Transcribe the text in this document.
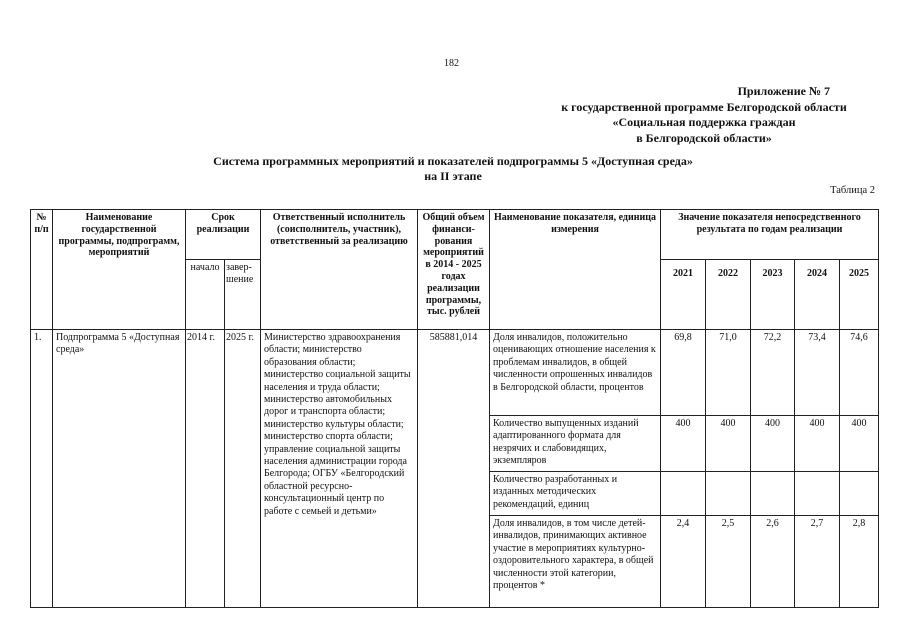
182
Приложение № 7
к государственной программе Белгородской области
«Социальная поддержка граждан
в Белгородской области»
Система программных мероприятий и показателей подпрограммы 5 «Доступная среда»
на II этапе
Таблица 2
№ п/п	Наименование государственной программы, подпрограмм, мероприятий	Срок реализации		Ответственный исполнитель (соисполнитель, участник), ответственный за реализацию	Общий объем финанси-рования мероприятий в 2014 - 2025 годах реализации программы, тыс. рублей	Наименование показателя, единица измерения	Значение показателя непосредственного результата по годам реализации				
		начало	завер-шение				2021	2022	2023	2024	2025
1.	Подпрограмма 5 «Доступная среда»	2014 г.	2025 г.	Министерство здравоохранения области; министерство образования области; министерство социальной защиты населения и труда области; министерство автомобильных дорог и транспорта области; министерство культуры области; министерство спорта области; управление социальной защиты населения администрации города Белгорода; ОГБУ «Белгородский областной ресурсно-консультационный центр по работе с семьей и детьми»	585881,014	Доля инвалидов, положительно оценивающих отношение населения к проблемам инвалидов, в общей численности опрошенных инвалидов в Белгородской области, процентов	69,8	71,0	72,2	73,4	74,6
						Количество выпущенных изданий адаптированного формата для незрячих и слабовидящих, экземпляров	400	400	400	400	400
						Количество разработанных и изданных методических рекомендаций, единиц					
						Доля инвалидов, в том числе детей-инвалидов, принимающих активное участие в мероприятиях культурно-оздоровительного характера, в общей численности этой категории, процентов *	2,4	2,5	2,6	2,7	2,8
